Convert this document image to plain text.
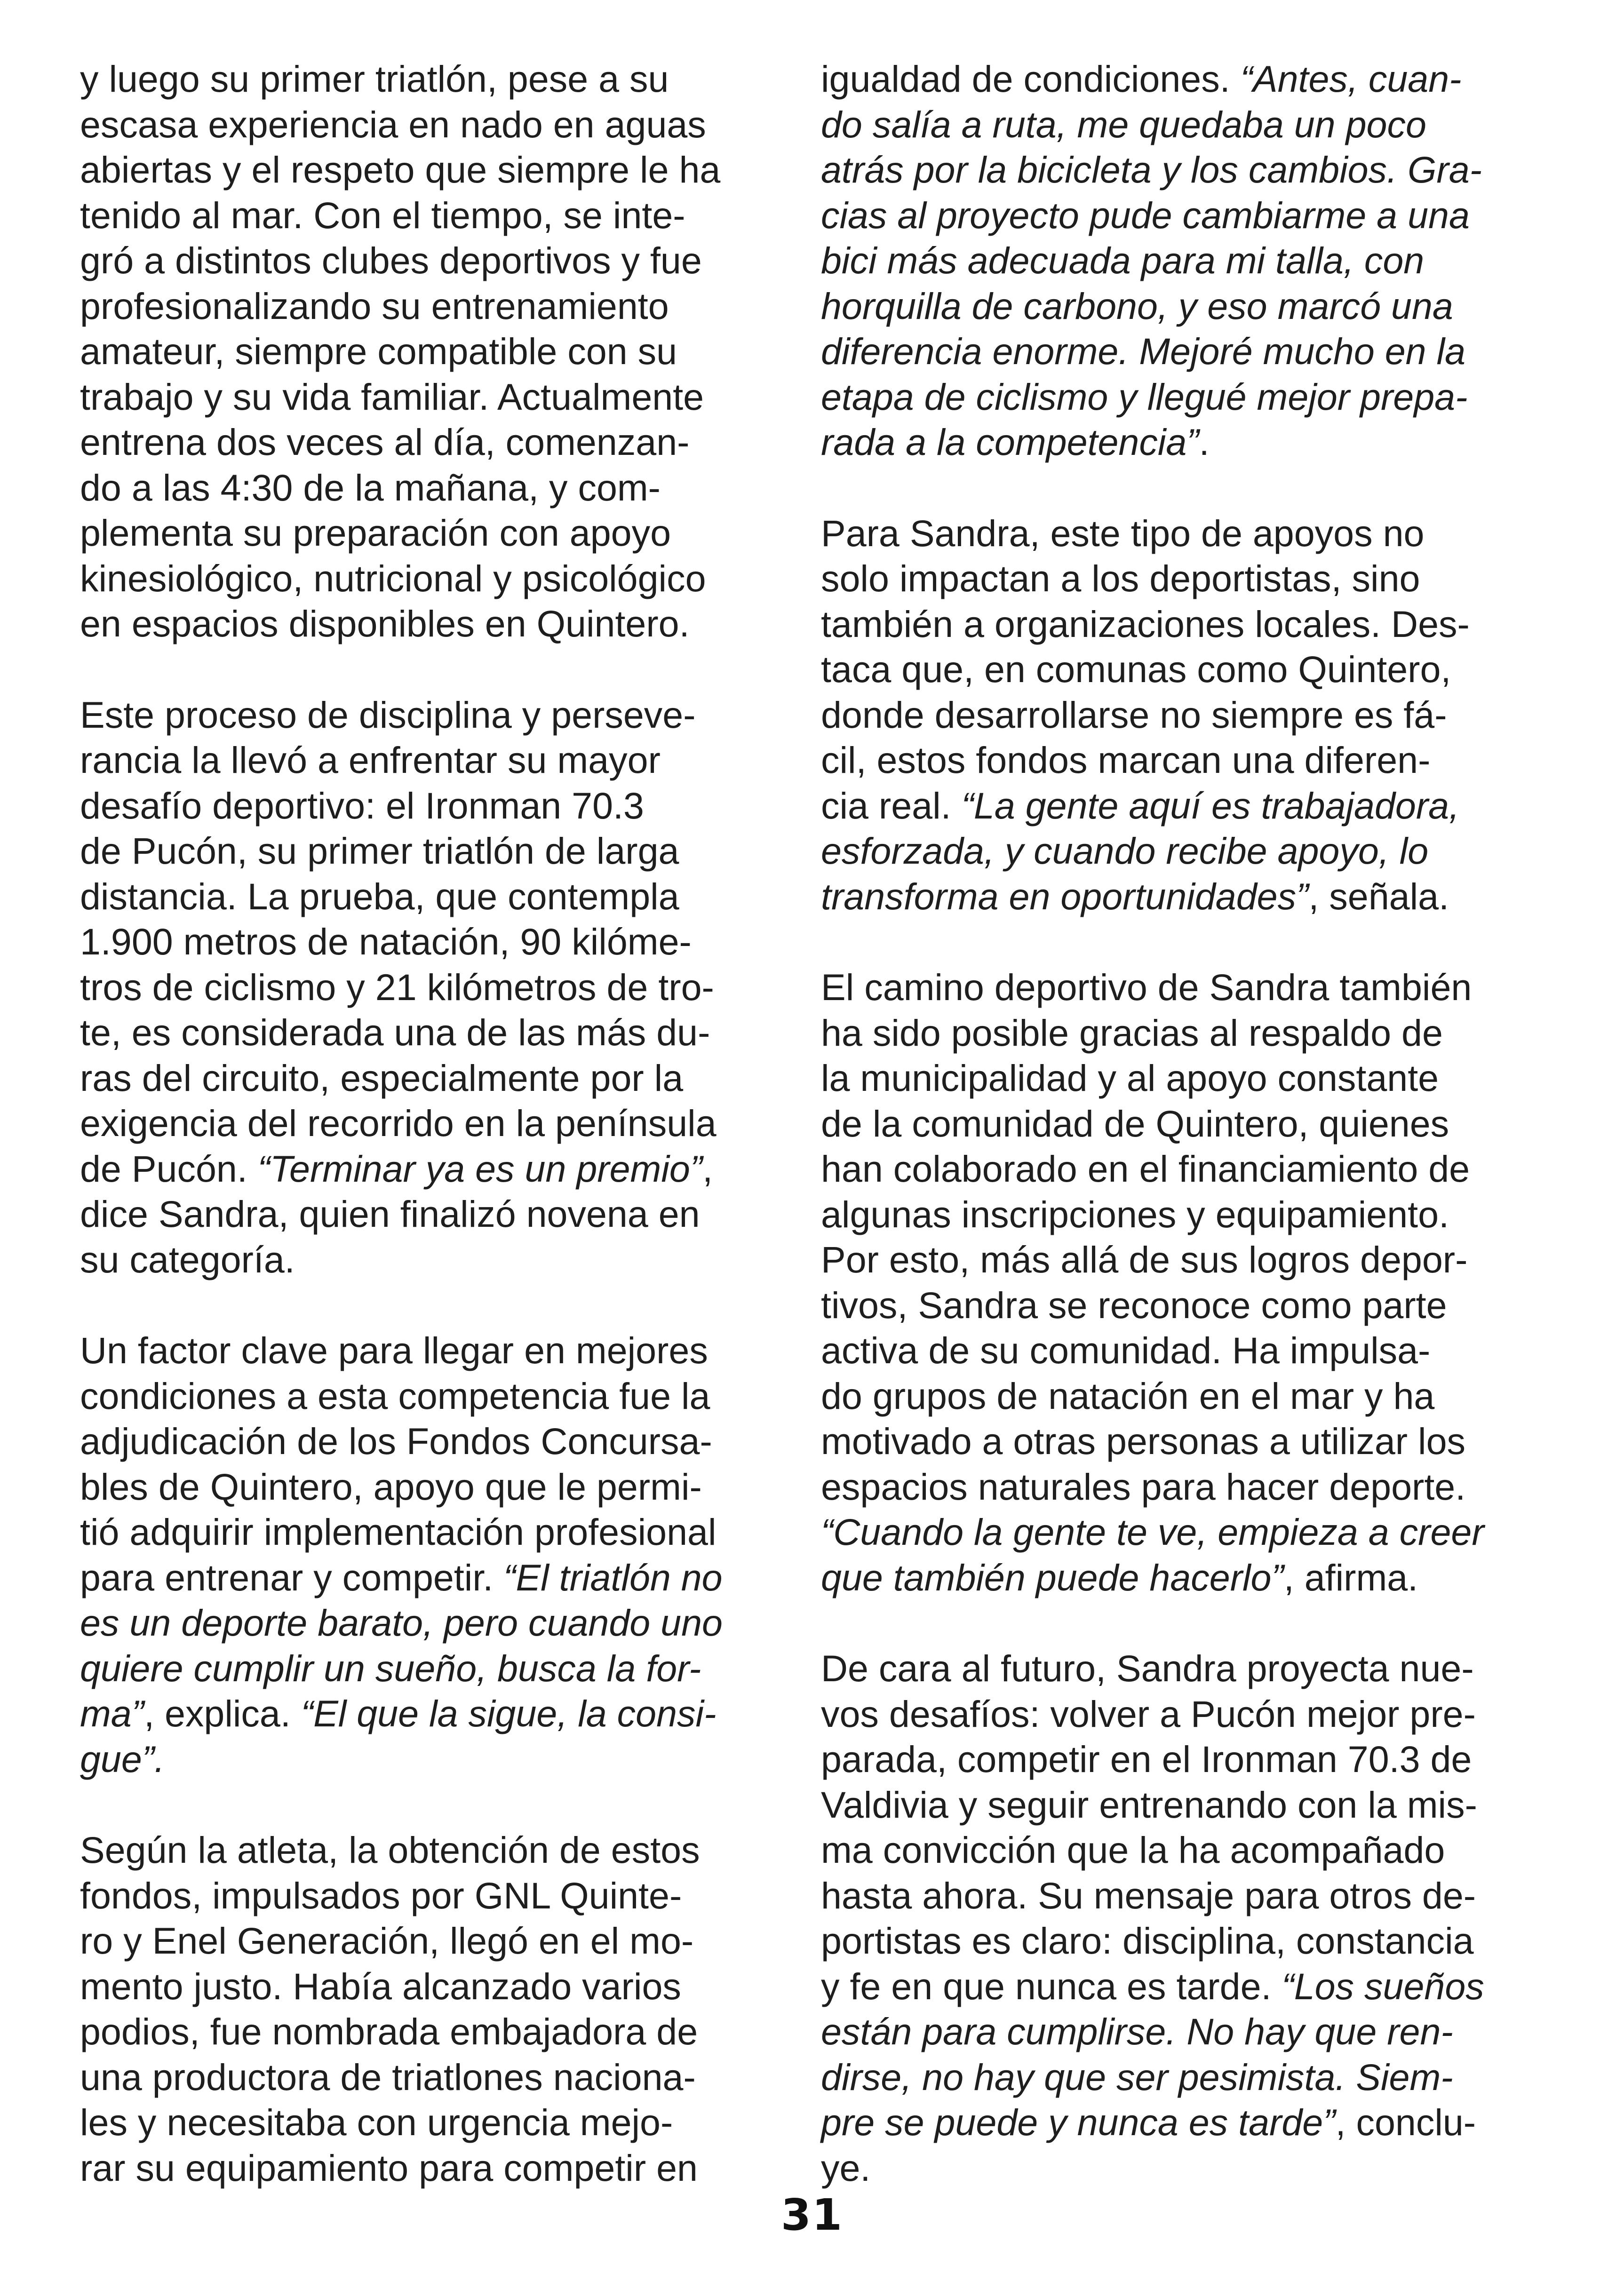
y luego su primer triatlón, pese a su
escasa experiencia en nado en aguas
abiertas y el respeto que siempre le ha
tenido al mar. Con el tiempo, se inte-
gró a distintos clubes deportivos y fue
profesionalizando su entrenamiento
amateur, siempre compatible con su
trabajo y su vida familiar. Actualmente
entrena dos veces al día, comenzan-
do a las 4:30 de la mañana, y com-
plementa su preparación con apoyo
kinesiológico, nutricional y psicológico
en espacios disponibles en Quintero.

Este proceso de disciplina y perseve-
rancia la llevó a enfrentar su mayor
desafío deportivo: el Ironman 70.3
de Pucón, su primer triatlón de larga
distancia. La prueba, que contempla
1.900 metros de natación, 90 kilóme-
tros de ciclismo y 21 kilómetros de tro-
te, es considerada una de las más du-
ras del circuito, especialmente por la
exigencia del recorrido en la península
de Pucón. “Terminar ya es un premio”,
dice Sandra, quien finalizó novena en
su categoría.

Un factor clave para llegar en mejores
condiciones a esta competencia fue la
adjudicación de los Fondos Concursa-
bles de Quintero, apoyo que le permi-
tió adquirir implementación profesional
para entrenar y competir. “El triatlón no
es un deporte barato, pero cuando uno
quiere cumplir un sueño, busca la for-
ma”, explica. “El que la sigue, la consi-
gue”.

Según la atleta, la obtención de estos
fondos, impulsados por GNL Quinte-
ro y Enel Generación, llegó en el mo-
mento justo. Había alcanzado varios
podios, fue nombrada embajadora de
una productora de triatlones naciona-
les y necesitaba con urgencia mejo-
rar su equipamiento para competir en

igualdad de condiciones. “Antes, cuan-
do salía a ruta, me quedaba un poco
atrás por la bicicleta y los cambios. Gra-
cias al proyecto pude cambiarme a una
bici más adecuada para mi talla, con
horquilla de carbono, y eso marcó una
diferencia enorme. Mejoré mucho en la
etapa de ciclismo y llegué mejor prepa-
rada a la competencia”.

Para Sandra, este tipo de apoyos no
solo impactan a los deportistas, sino
también a organizaciones locales. Des-
taca que, en comunas como Quintero,
donde desarrollarse no siempre es fá-
cil, estos fondos marcan una diferen-
cia real. “La gente aquí es trabajadora,
esforzada, y cuando recibe apoyo, lo
transforma en oportunidades”, señala.

El camino deportivo de Sandra también
ha sido posible gracias al respaldo de
la municipalidad y al apoyo constante
de la comunidad de Quintero, quienes
han colaborado en el financiamiento de
algunas inscripciones y equipamiento.
Por esto, más allá de sus logros depor-
tivos, Sandra se reconoce como parte
activa de su comunidad. Ha impulsa-
do grupos de natación en el mar y ha
motivado a otras personas a utilizar los
espacios naturales para hacer deporte.
“Cuando la gente te ve, empieza a creer
que también puede hacerlo”, afirma.

De cara al futuro, Sandra proyecta nue-
vos desafíos: volver a Pucón mejor pre-
parada, competir en el Ironman 70.3 de
Valdivia y seguir entrenando con la mis-
ma convicción que la ha acompañado
hasta ahora. Su mensaje para otros de-
portistas es claro: disciplina, constancia
y fe en que nunca es tarde. “Los sueños
están para cumplirse. No hay que ren-
dirse, no hay que ser pesimista. Siem-
pre se puede y nunca es tarde”, conclu-
ye.

31
